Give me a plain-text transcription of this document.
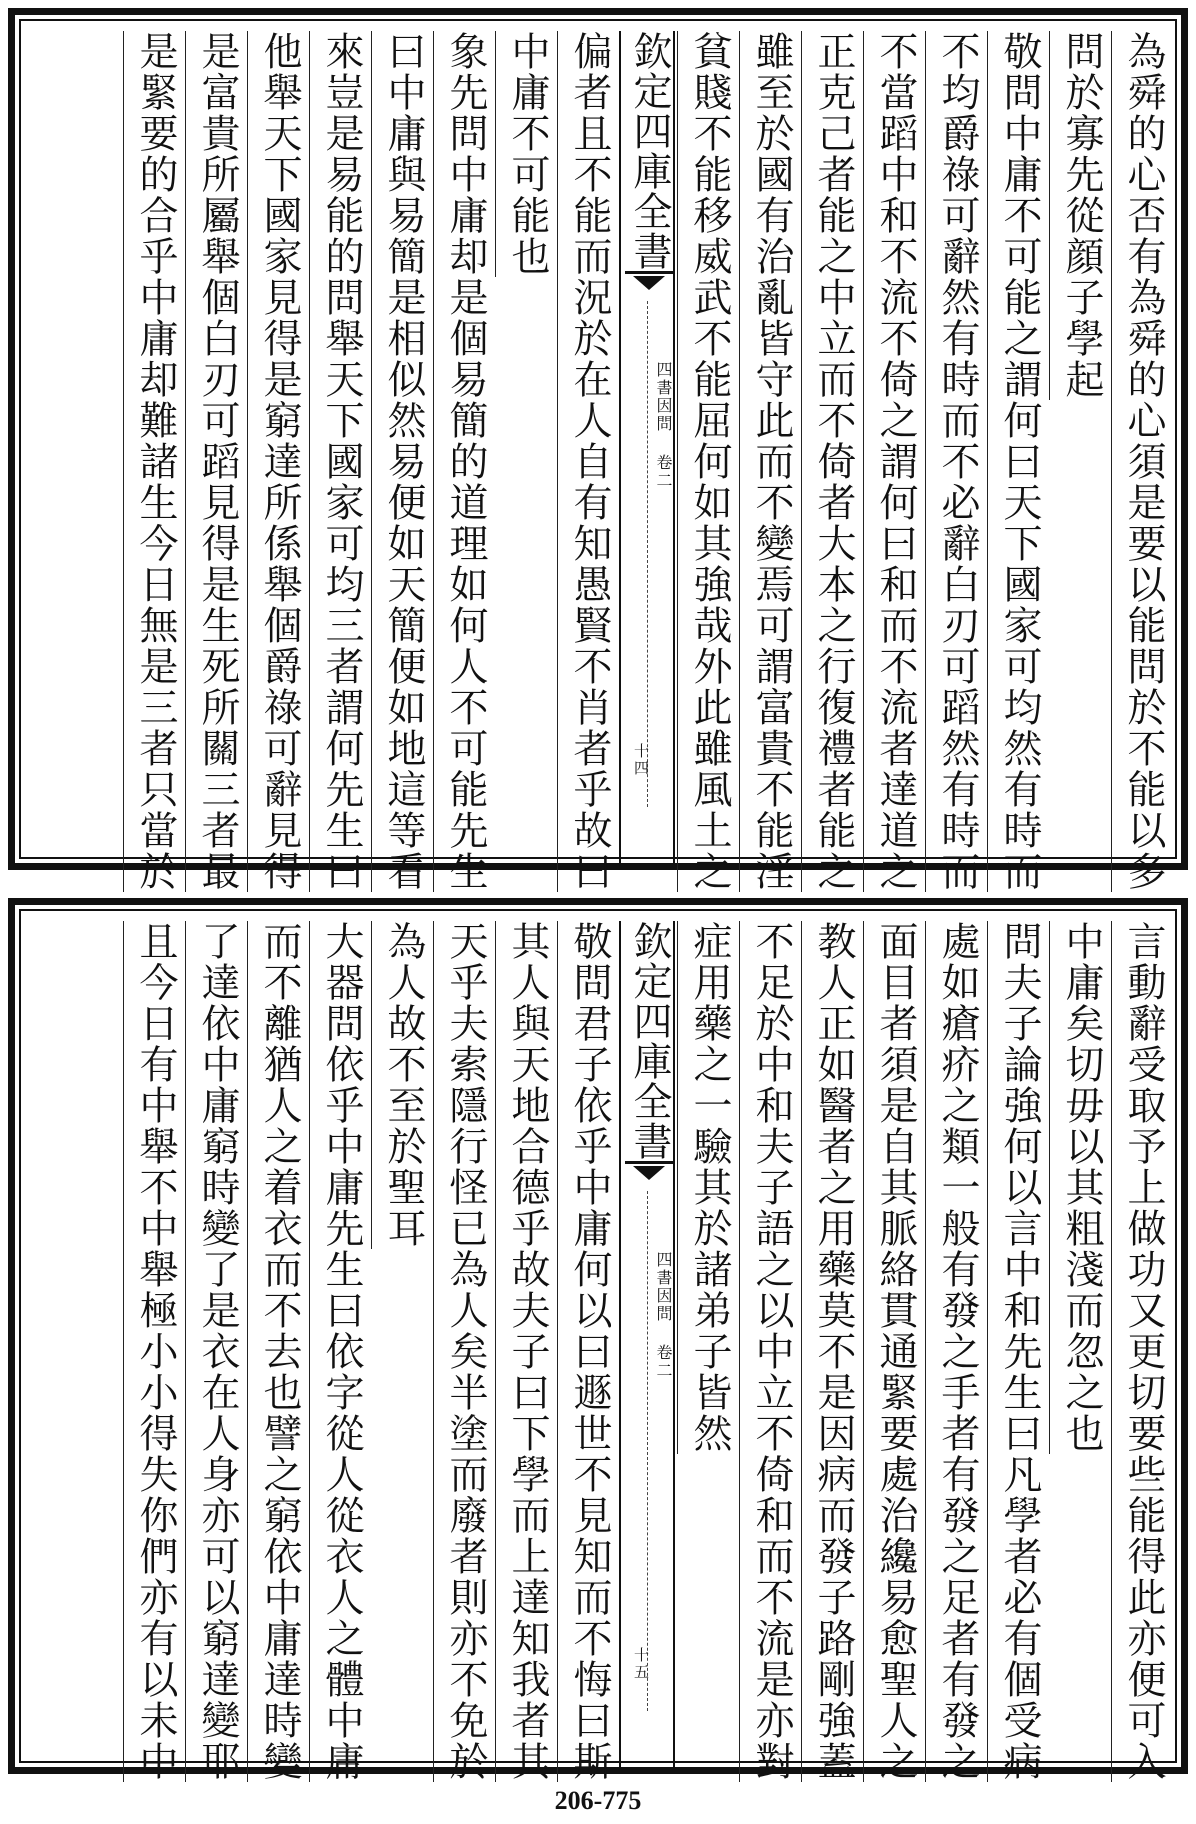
為舜的心否有為舜的心須是要以能問於不能以多
問於寡先從顔子學起
敬問中庸不可能之謂何曰天下國家可均然有時而
不均爵祿可辭然有時而不必辭白刃可蹈然有時而
不當蹈中和不流不倚之謂何曰和而不流者達道之
正克己者能之中立而不倚者大本之行復禮者能之
雖至於國有治亂皆守此而不變焉可謂富貴不能淫
貧賤不能移威武不能屈何如其強哉外此雖風土之
欽定四庫全書
四書因問 卷二
十四
偏者且不能而況於在人自有知愚賢不肖者乎故曰
中庸不可能也
象先問中庸却是個易簡的道理如何人不可能先生
曰中庸與易簡是相似然易便如天簡便如地這等看
來豈是易能的問舉天下國家可均三者謂何先生曰
他舉天下國家見得是窮達所係舉個爵祿可辭見得
是富貴所屬舉個白刃可蹈見得是生死所關三者最
是緊要的合乎中庸却難諸生今日無是三者只當於
言動辭受取予上做功又更切要些能得此亦便可入
中庸矣切毋以其粗淺而忽之也
問夫子論強何以言中和先生曰凡學者必有個受病
處如瘡疥之類一般有發之手者有發之足者有發之
面目者須是自其脈絡貫通緊要處治纔易愈聖人之
教人正如醫者之用藥莫不是因病而發子路剛強蓋
不足於中和夫子語之以中立不倚和而不流是亦對
症用藥之一驗其於諸弟子皆然
欽定四庫全書
四書因問 卷二
十五
敬問君子依乎中庸何以曰遯世不見知而不悔曰斯
其人與天地合德乎故夫子曰下學而上達知我者其
天乎夫索隱行怪已為人矣半塗而廢者則亦不免於
為人故不至於聖耳
大器問依乎中庸先生曰依字從人從衣人之體中庸
而不離猶人之着衣而不去也譬之窮依中庸達時變
了達依中庸窮時變了是衣在人身亦可以窮達變耶
且今日有中舉不中舉極小小得失你們亦有以未中
206-775
